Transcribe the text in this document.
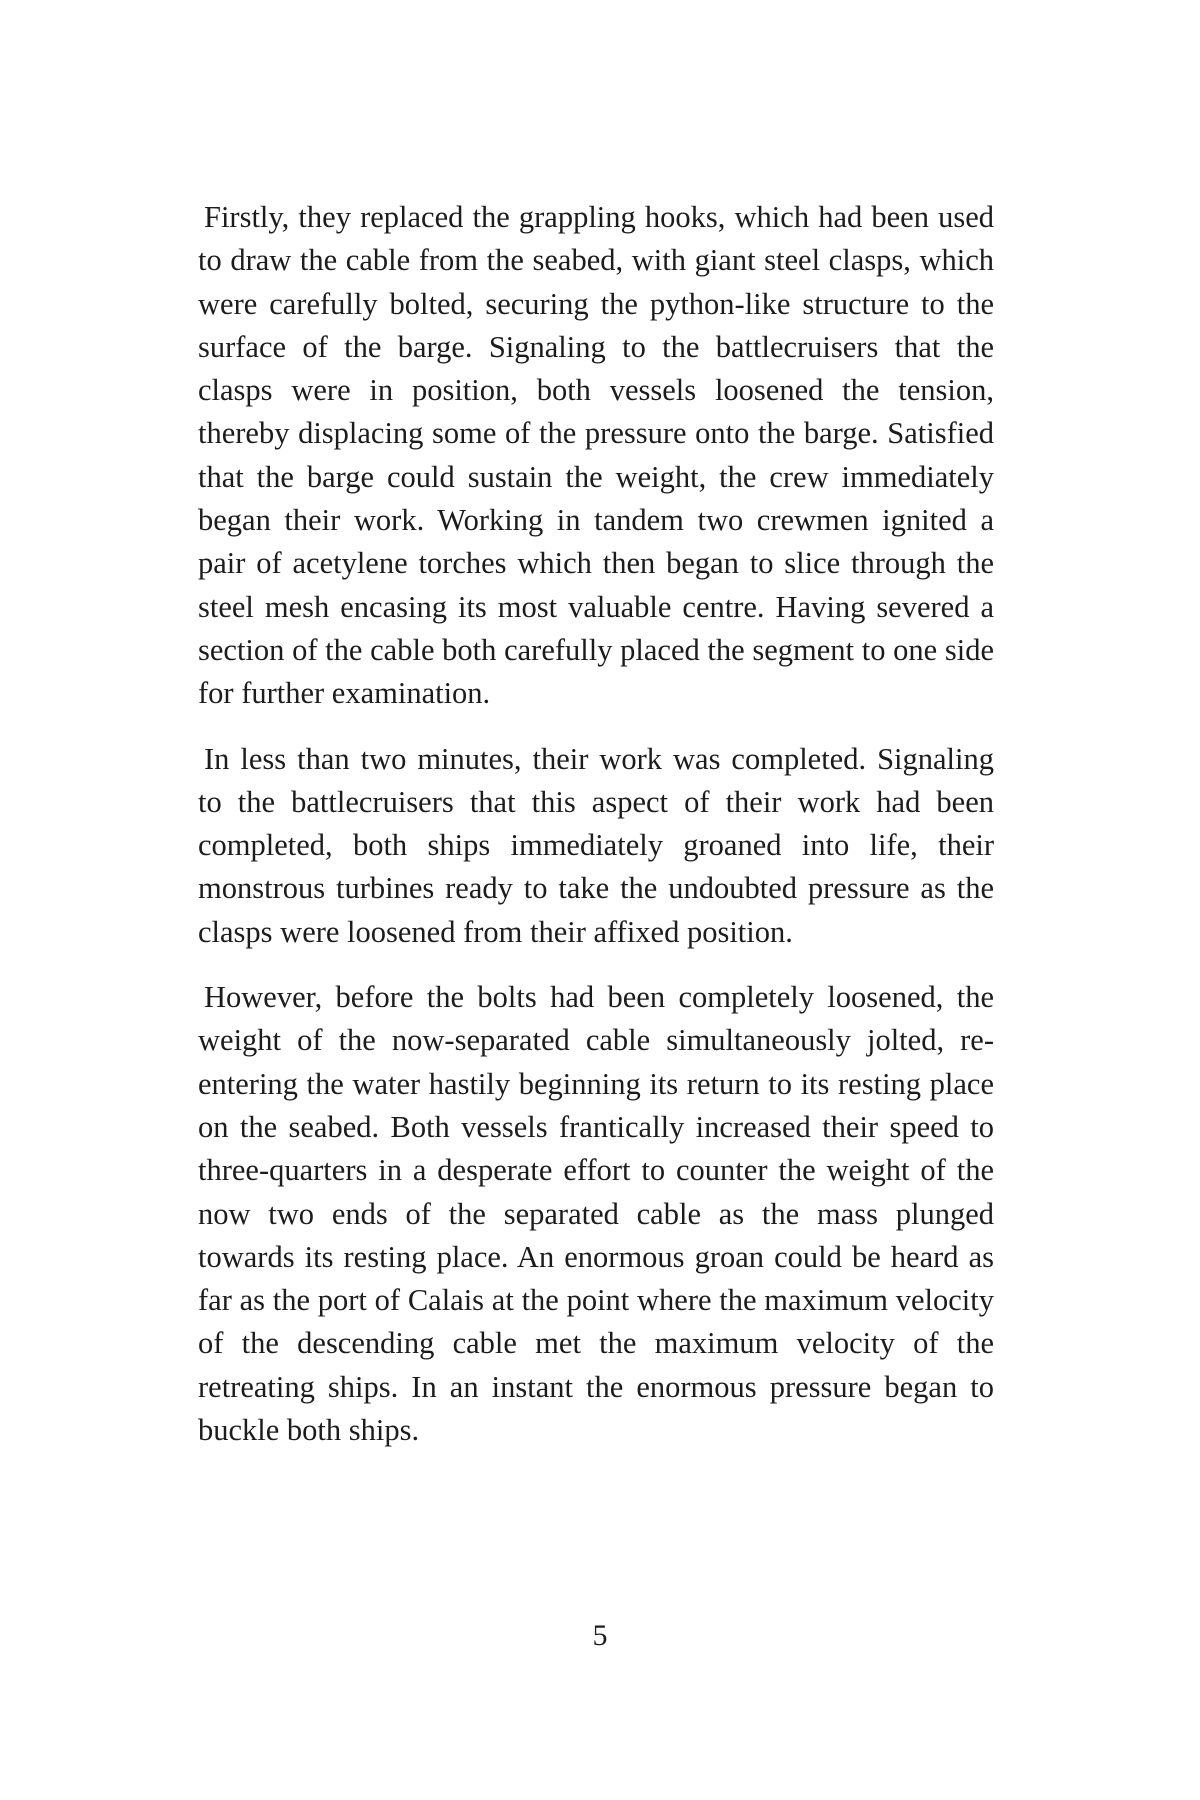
Firstly, they replaced the grappling hooks, which had been used to draw the cable from the seabed, with giant steel clasps, which were carefully bolted, securing the python-like structure to the surface of the barge. Signaling to the battlecruisers that the clasps were in position, both vessels loosened the tension, thereby displacing some of the pressure onto the barge. Satisfied that the barge could sustain the weight, the crew immediately began their work. Working in tandem two crewmen ignited a pair of acetylene torches which then began to slice through the steel mesh encasing its most valuable centre. Having severed a section of the cable both carefully placed the segment to one side for further examination.

In less than two minutes, their work was completed. Signaling to the battlecruisers that this aspect of their work had been completed, both ships immediately groaned into life, their monstrous turbines ready to take the undoubted pressure as the clasps were loosened from their affixed position.

However, before the bolts had been completely loosened, the weight of the now-separated cable simultaneously jolted, re-entering the water hastily beginning its return to its resting place on the seabed. Both vessels frantically increased their speed to three-quarters in a desperate effort to counter the weight of the now two ends of the separated cable as the mass plunged towards its resting place. An enormous groan could be heard as far as the port of Calais at the point where the maximum velocity of the descending cable met the maximum velocity of the retreating ships. In an instant the enormous pressure began to buckle both ships.

5
